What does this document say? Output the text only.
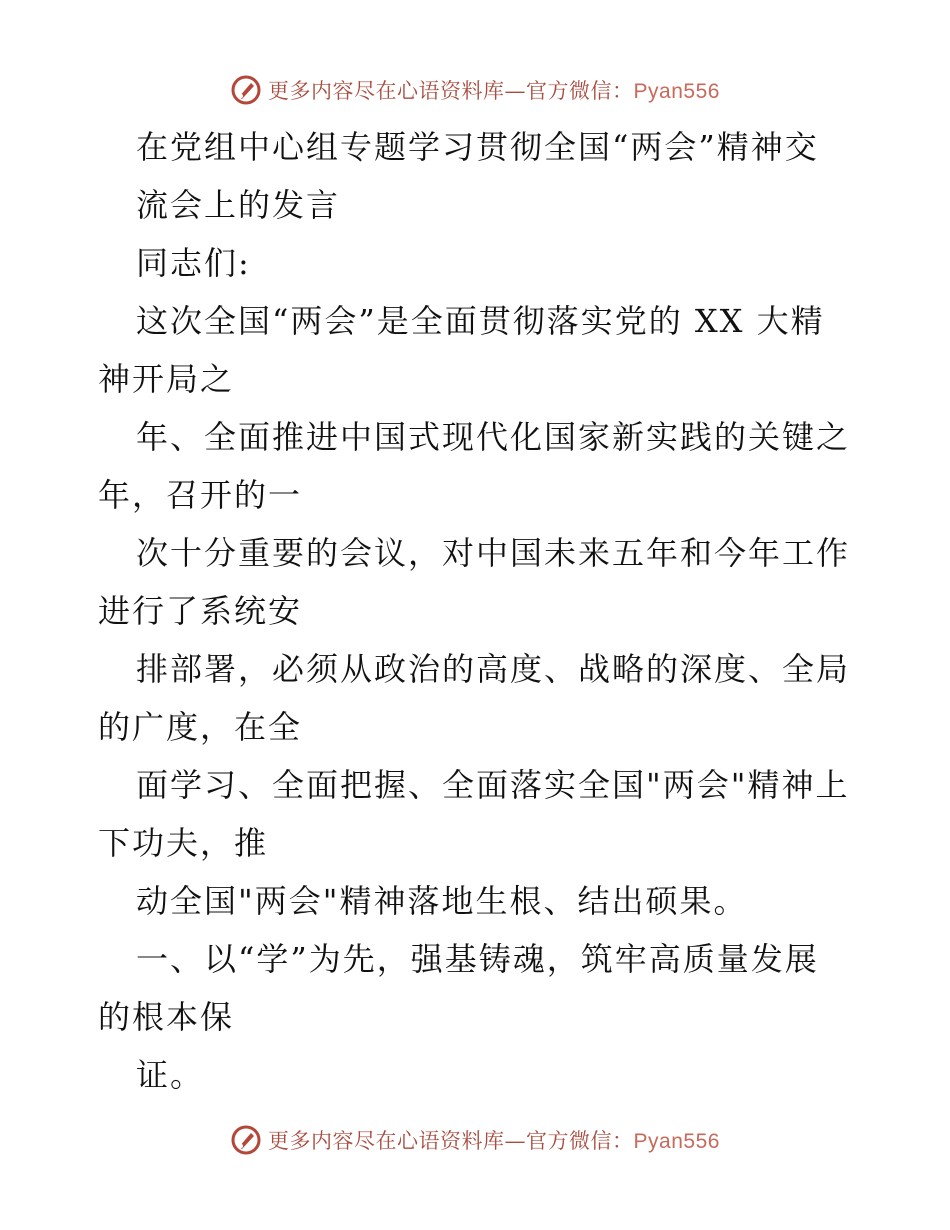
更多内容尽在心语资料库—官方微信：Pyan556
在党组中心组专题学习贯彻全国“两会”精神交
流会上的发言
同志们:
这次全国“两会”是全面贯彻落实党的 XX 大精
神开局之
年、全面推进中国式现代化国家新实践的关键之
年，召开的一
次十分重要的会议，对中国未来五年和今年工作
进行了系统安
排部署，必须从政治的高度、战略的深度、全局
的广度，在全
面学习、全面把握、全面落实全国"两会"精神上
下功夫，推
动全国"两会"精神落地生根、结出硕果。
一、以“学”为先，强基铸魂，筑牢高质量发展
的根本保
证。
更多内容尽在心语资料库—官方微信：Pyan556
